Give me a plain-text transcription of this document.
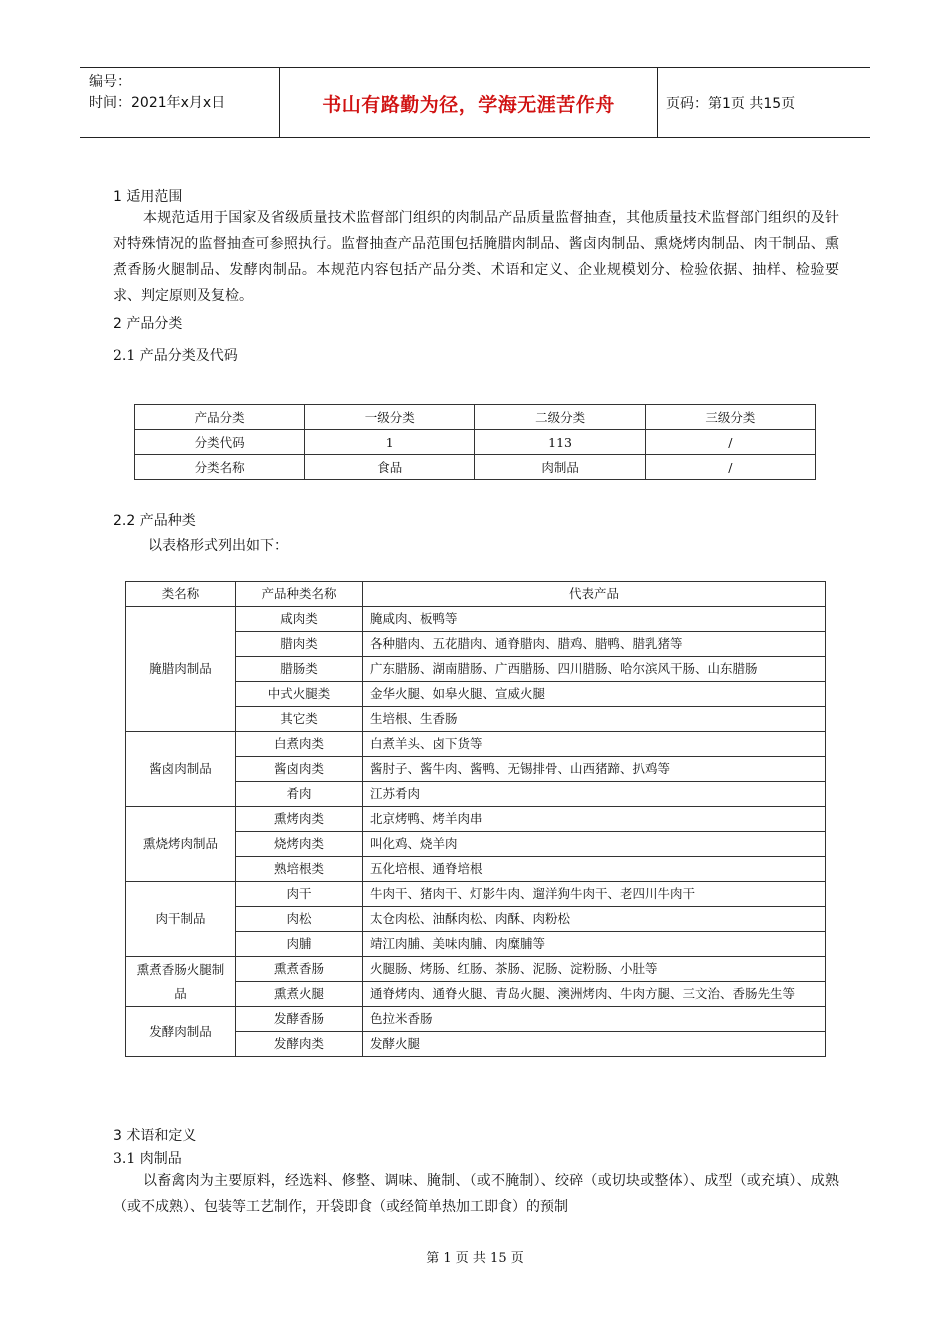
编号：
时间：2021年x月x日	书山有路勤为径，学海无涯苦作舟	页码：第1页 共15页
1 适用范围
本规范适用于国家及省级质量技术监督部门组织的肉制品产品质量监督抽查，其他质量技术监督部门组织的及针对特殊情况的监督抽查可参照执行。监督抽查产品范围包括腌腊肉制品、酱卤肉制品、熏烧烤肉制品、肉干制品、熏煮香肠火腿制品、发酵肉制品。本规范内容包括产品分类、术语和定义、企业规模划分、检验依据、抽样、检验要求、判定原则及复检。
2 产品分类
2.1 产品分类及代码
产品分类	一级分类	二级分类	三级分类
分类代码	1	113	/
分类名称	食品	肉制品	/
2.2 产品种类
以表格形式列出如下：
类名称	产品种类名称	代表产品
腌腊肉制品	咸肉类	腌咸肉、板鸭等
	腊肉类	各种腊肉、五花腊肉、通脊腊肉、腊鸡、腊鸭、腊乳猪等
	腊肠类	广东腊肠、湖南腊肠、广西腊肠、四川腊肠、哈尔滨风干肠、山东腊肠
	中式火腿类	金华火腿、如皋火腿、宣威火腿
	其它类	生培根、生香肠
酱卤肉制品	白煮肉类	白煮羊头、卤下货等
	酱卤肉类	酱肘子、酱牛肉、酱鸭、无锡排骨、山西猪蹄、扒鸡等
	肴肉	江苏肴肉
熏烧烤肉制品	熏烤肉类	北京烤鸭、烤羊肉串
	烧烤肉类	叫化鸡、烧羊肉
	熟培根类	五化培根、通脊培根
肉干制品	肉干	牛肉干、猪肉干、灯影牛肉、遛洋狗牛肉干、老四川牛肉干
	肉松	太仓肉松、油酥肉松、肉酥、肉粉松
	肉脯	靖江肉脯、美味肉脯、肉糜脯等
熏煮香肠火腿制品	熏煮香肠	火腿肠、烤肠、红肠、茶肠、泥肠、淀粉肠、小肚等
	熏煮火腿	通脊烤肉、通脊火腿、青岛火腿、澳洲烤肉、牛肉方腿、三文治、香肠先生等
发酵肉制品	发酵香肠	色拉米香肠
	发酵肉类	发酵火腿
3 术语和定义
3.1 肉制品
以畜禽肉为主要原料，经选料、修整、调味、腌制、（或不腌制）、绞碎（或切块或整体）、成型（或充填）、成熟（或不成熟）、包装等工艺制作，开袋即食（或经简单热加工即食）的预制
第 1 页 共 15 页
